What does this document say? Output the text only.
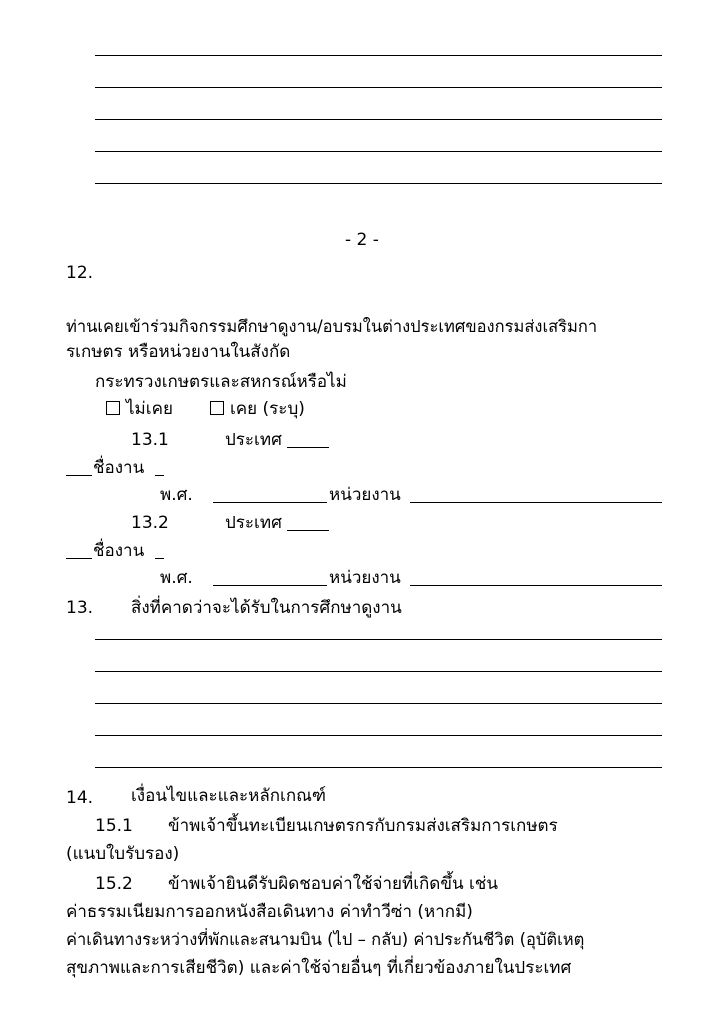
- 2 -
12.
ท่านเคยเข้าร่วมกิจกรรมศึกษาดูงาน/อบรมในต่างประเทศของกรมส่งเสริมกา
รเกษตร หรือหน่วยงานในสังกัด
กระทรวงเกษตรและสหกรณ์หรือไม่
ไม่เคย	เคย (ระบุ)
13.1	ประเทศ
ชื่องาน
พ.ศ.	หน่วยงาน
13.2	ประเทศ
ชื่องาน
พ.ศ.	หน่วยงาน
13. สิ่งที่คาดว่าจะได้รับในการศึกษาดูงาน
14. เงื่อนไขและและหลักเกณฑ์
15.1 ข้าพเจ้าขึ้นทะเบียนเกษตรกรกับกรมส่งเสริมการเกษตร
(แนบใบรับรอง)
15.2 ข้าพเจ้ายินดีรับผิดชอบค่าใช้จ่ายที่เกิดขึ้น เช่น
ค่าธรรมเนียมการออกหนังสือเดินทาง ค่าทำวีซ่า (หากมี)
ค่าเดินทางระหว่างที่พักและสนามบิน (ไป – กลับ) ค่าประกันชีวิต (อุบัติเหตุ
สุขภาพและการเสียชีวิต) และค่าใช้จ่ายอื่นๆ ที่เกี่ยวข้องภายในประเทศ
